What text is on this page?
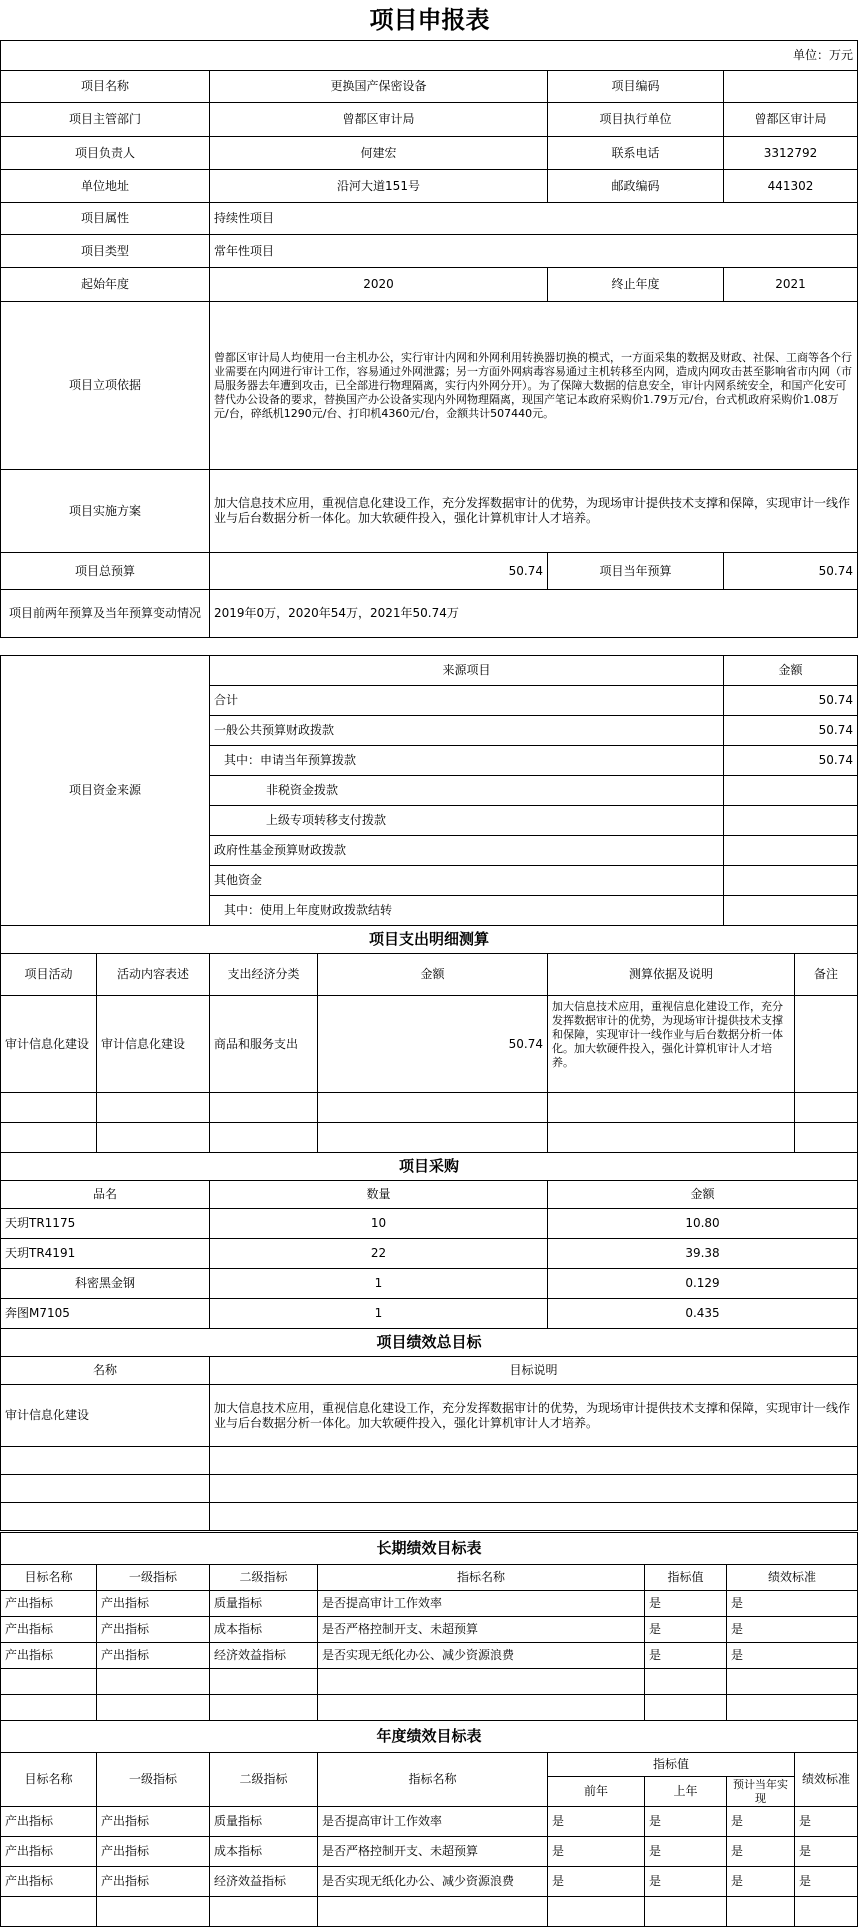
项目申报表
单位：万元			
项目名称	更换国产保密设备	项目编码	
项目主管部门	曾都区审计局	项目执行单位	曾都区审计局
项目负责人	何建宏	联系电话	3312792
单位地址	沿河大道151号	邮政编码	441302
项目属性	持续性项目		
项目类型	常年性项目		
起始年度	2020	终止年度	2021
项目立项依据	曾都区审计局人均使用一台主机办公，实行审计内网和外网利用转换器切换的模式，一方面采集的数据及财政、社保、工商等各个行业需要在内网进行审计工作，容易通过外网泄露；另一方面外网病毒容易通过主机转移至内网，造成内网攻击甚至影响省市内网（市局服务器去年遭到攻击，已全部进行物理隔离，实行内外网分开）。为了保障大数据的信息安全，审计内网系统安全，和国产化安可替代办公设备的要求，替换国产办公设备实现内外网物理隔离，现国产笔记本政府采购价1.79万元/台，台式机政府采购价1.08万元/台，碎纸机1290元/台、打印机4360元/台，金额共计507440元。		
项目实施方案	加大信息技术应用，重视信息化建设工作，充分发挥数据审计的优势，为现场审计提供技术支撑和保障，实现审计一线作业与后台数据分析一体化。加大软硬件投入，强化计算机审计人才培养。		
项目总预算	50.74	项目当年预算	50.74
项目前两年预算及当年预算变动情况	2019年0万，2020年54万，2021年50.74万		
项目资金来源	来源项目	金额
	合计	50.74
	一般公共预算财政拨款	50.74
	其中：申请当年预算拨款	50.74
	非税资金拨款	
	上级专项转移支付拨款	
	政府性基金预算财政拨款	
	其他资金	
	其中：使用上年度财政拨款结转	
项目支出明细测算					
项目活动	活动内容表述	支出经济分类	金额	测算依据及说明	备注
审计信息化建设	审计信息化建设	商品和服务支出	50.74	加大信息技术应用，重视信息化建设工作，充分发挥数据审计的优势，为现场审计提供技术支撑和保障，实现审计一线作业与后台数据分析一体化。加大软硬件投入，强化计算机审计人才培养。	

项目采购		
品名	数量	金额
天玥TR1175	10	10.80
天玥TR4191	22	39.38
科密黑金钢	1	0.129
奔图M7105	1	0.435
项目绩效总目标	
名称	目标说明
审计信息化建设	加大信息技术应用，重视信息化建设工作，充分发挥数据审计的优势，为现场审计提供技术支撑和保障，实现审计一线作业与后台数据分析一体化。加大软硬件投入，强化计算机审计人才培养。

长期绩效目标表					
目标名称	一级指标	二级指标	指标名称	指标值	绩效标准
产出指标	产出指标	质量指标	是否提高审计工作效率	是	是
产出指标	产出指标	成本指标	是否严格控制开支、未超预算	是	是
产出指标	产出指标	经济效益指标	是否实现无纸化办公、减少资源浪费	是	是

年度绩效目标表							
目标名称	一级指标	二级指标	指标名称	指标值			绩效标准
				前年	上年	预计当年实现	
产出指标	产出指标	质量指标	是否提高审计工作效率	是	是	是	是
产出指标	产出指标	成本指标	是否严格控制开支、未超预算	是	是	是	是
产出指标	产出指标	经济效益指标	是否实现无纸化办公、减少资源浪费	是	是	是	是
